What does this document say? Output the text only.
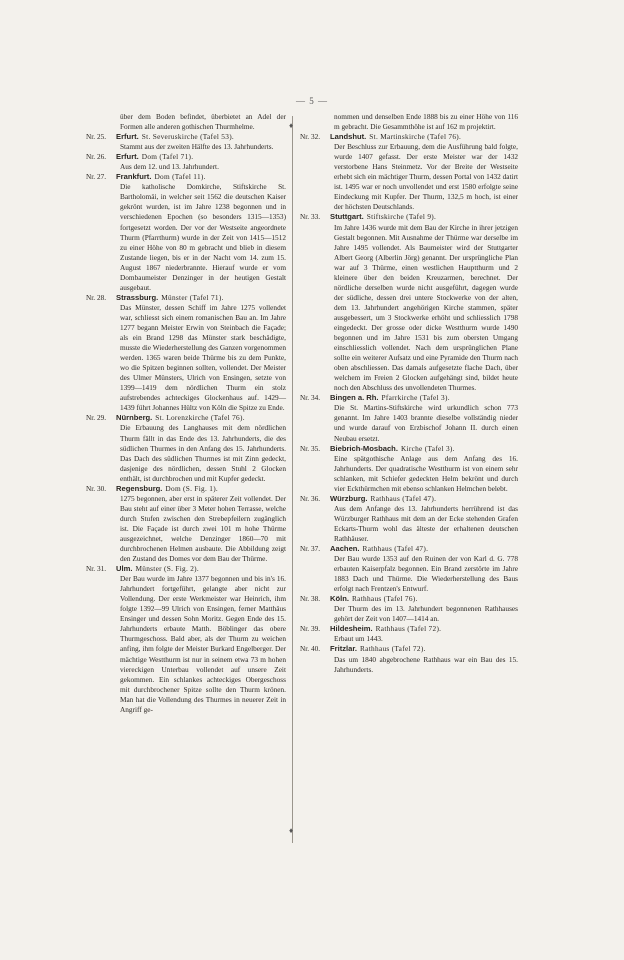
— 5 —
♦
♦

über dem Boden befindet, überbietet an Adel der Formen alle anderen gothischen Thurmhelme.

Nr. 25. Erfurt. St. Severuskirche (Tafel 53).

Stammt aus der zweiten Hälfte des 13. Jahrhunderts.

Nr. 26. Erfurt. Dom (Tafel 71).

Aus dem 12. und 13. Jahrhundert.

Nr. 27. Frankfurt. Dom (Tafel 11).

Die katholische Domkirche, Stiftskirche St. Bartholomäi, in welcher seit 1562 die deutschen Kaiser gekrönt wurden, ist im Jahre 1238 begonnen und in verschiedenen Epochen (so besonders 1315—1353) fortgesetzt worden. Der vor der Westseite angeordnete Thurm (Pfarrthurm) wurde in der Zeit von 1415—1512 zu einer Höhe von 80 m gebracht und blieb in diesem Zustande liegen, bis er in der Nacht vom 14. zum 15. August 1867 niederbrannte. Hierauf wurde er vom Dombaumeister Denzinger in der heutigen Gestalt ausgebaut.

Nr. 28. Strassburg. Münster (Tafel 71).

Das Münster, dessen Schiff im Jahre 1275 vollendet war, schliesst sich einem romanischen Bau an. Im Jahre 1277 begann Meister Erwin von Steinbach die Façade; als ein Brand 1298 das Münster stark beschädigte, musste die Wiederherstellung des Ganzen vorgenommen werden. 1365 waren beide Thürme bis zu dem Punkte, wo die Spitzen beginnen sollten, vollendet. Der Meister des Ulmer Münsters, Ulrich von Ensingen, setzte von 1399—1419 dem nördlichen Thurm ein stolz aufstrebendes achteckiges Glockenhaus auf. 1429—1439 führt Johannes Hültz von Köln die Spitze zu Ende.

Nr. 29. Nürnberg. St. Lorenzkirche (Tafel 76).

Die Erbauung des Langhauses mit dem nördlichen Thurm fällt in das Ende des 13. Jahrhunderts, die des südlichen Thurmes in den Anfang des 15. Jahrhunderts. Das Dach des südlichen Thurmes ist mit Zinn gedeckt, dasjenige des nördlichen, dessen Stuhl 2 Glocken enthält, ist durchbrochen und mit Kupfer gedeckt.

Nr. 30. Regensburg. Dom (S. Fig. 1).

1275 begonnen, aber erst in späterer Zeit vollendet. Der Bau steht auf einer über 3 Meter hohen Terrasse, welche durch Stufen zwischen den Strebepfeilern zugänglich ist. Die Façade ist durch zwei 101 m hohe Thürme ausgezeichnet, welche Denzinger 1860—70 mit durchbrochenen Helmen ausbaute. Die Abbildung zeigt den Zustand des Domes vor dem Bau der Thürme.

Nr. 31. Ulm. Münster (S. Fig. 2).

Der Bau wurde im Jahre 1377 begonnen und bis in's 16. Jahrhundert fortgeführt, gelangte aber nicht zur Vollendung. Der erste Werkmeister war Heinrich, ihm folgte 1392—99 Ulrich von Ensingen, ferner Matthäus Ensinger und dessen Sohn Moritz. Gegen Ende des 15. Jahrhunderts erbaute Matth. Böblinger das obere Thurmgeschoss. Bald aber, als der Thurm zu weichen anfing, ihm folgte der Meister Burkard Engelberger. Der mächtige Westthurm ist nur in seinem etwa 73 m hohen viereckigen Unterbau vollendet auf unsere Zeit gekommen. Ein schlankes achteckiges Obergeschoss mit durchbrochener Spitze sollte den Thurm krönen. Man hat die Vollendung des Thurmes in neuerer Zeit in Angriff ge-

nommen und denselben Ende 1888 bis zu einer Höhe von 116 m gebracht. Die Gesammthöhe ist auf 162 m projektirt.

Nr. 32. Landshut. St. Martinskirche (Tafel 76).

Der Beschluss zur Erbauung, dem die Ausführung bald folgte, wurde 1407 gefasst. Der erste Meister war der 1432 verstorbene Hans Steinmetz. Vor der Breite der Westseite erhebt sich ein mächtiger Thurm, dessen Portal von 1432 datirt ist. 1495 war er noch unvollendet und erst 1580 erfolgte seine Eindeckung mit Kupfer. Der Thurm, 132,5 m hoch, ist einer der höchsten Deutschlands.

Nr. 33. Stuttgart. Stiftskirche (Tafel 9).

Im Jahre 1436 wurde mit dem Bau der Kirche in ihrer jetzigen Gestalt begonnen. Mit Ausnahme der Thürme war derselbe im Jahre 1495 vollendet. Als Baumeister wird der Stuttgarter Albert Georg (Alberlin Jörg) genannt. Der ursprüngliche Plan war auf 3 Thürme, einen westlichen Hauptthurm und 2 kleinere über den beiden Kreuzarmen, berechnet. Der nördliche derselben wurde nicht ausgeführt, dagegen wurde der südliche, dessen drei untere Stockwerke von der alten, dem 13. Jahrhundert angehörigen Kirche stammen, später ausgebessert, um 3 Stockwerke erhöht und schliesslich 1798 eingedeckt. Der grosse oder dicke Westthurm wurde 1490 begonnen und im Jahre 1531 bis zum obersten Umgang einschliesslich vollendet. Nach dem ursprünglichen Plane sollte ein weiterer Aufsatz und eine Pyramide den Thurm nach oben abschliessen. Das damals aufgesetzte flache Dach, über welchem im Freien 2 Glocken aufgehängt sind, bildet heute noch den Abschluss des unvollendeten Thurmes.

Nr. 34. Bingen a. Rh. Pfarrkirche (Tafel 3).

Die St. Martins-Stiftskirche wird urkundlich schon 773 genannt. Im Jahre 1403 brannte dieselbe vollständig nieder und wurde darauf von Erzbischof Johann II. durch einen Neubau ersetzt.

Nr. 35. Biebrich-Mosbach. Kirche (Tafel 3).

Eine spätgothische Anlage aus dem Anfang des 16. Jahrhunderts. Der quadratische Westthurm ist von einem sehr schlanken, mit Schiefer gedeckten Helm bekrönt und durch vier Eckthürmchen mit ebenso schlanken Helmchen belebt.

Nr. 36. Würzburg. Rathhaus (Tafel 47).

Aus dem Anfange des 13. Jahrhunderts herrührend ist das Würzburger Rathhaus mit dem an der Ecke stehenden Grafen Eckarts-Thurm wohl das älteste der erhaltenen deutschen Rathhäuser.

Nr. 37. Aachen. Rathhaus (Tafel 47).

Der Bau wurde 1353 auf den Ruinen der von Karl d. G. 778 erbauten Kaiserpfalz begonnen. Ein Brand zerstörte im Jahre 1883 Dach und Thürme. Die Wiederherstellung des Baus erfolgt nach Frentzen's Entwurf.

Nr. 38. Köln. Rathhaus (Tafel 76).

Der Thurm des im 13. Jahrhundert begonnenen Rathhauses gehört der Zeit von 1407—1414 an.

Nr. 39. Hildesheim. Rathhaus (Tafel 72).

Erbaut um 1443.

Nr. 40. Fritzlar. Rathhaus (Tafel 72).

Das um 1840 abgebrochene Rathhaus war ein Bau des 15. Jahrhunderts.
